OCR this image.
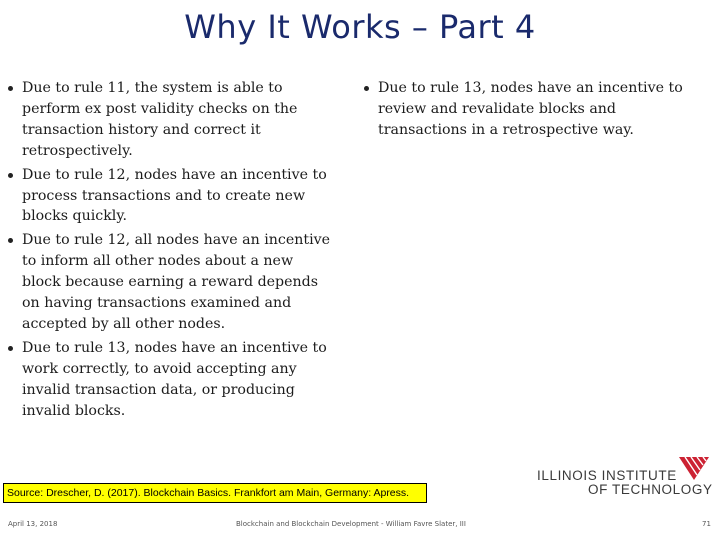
Why It Works – Part 4
Due to rule 11, the system is able to perform ex post validity checks on the transaction history and correct it retrospectively.
Due to rule 12, nodes have an incentive to process transactions and to create new blocks quickly.
Due to rule 12, all nodes have an incentive to inform all other nodes about a new block because earning a reward depends on having transactions examined and accepted by all other nodes.
Due to rule 13, nodes have an incentive to work correctly, to avoid accepting any invalid transaction data, or producing invalid blocks.
Due to rule 13, nodes have an incentive to review and revalidate blocks and transactions in a retrospective way.
Source: Drescher, D. (2017). Blockchain Basics. Frankfort am Main, Germany: Apress.
ILLINOIS INSTITUTE
OF TECHNOLOGY
April 13, 2018	Blockchain and Blockchain Development - William Favre Slater, III	71
